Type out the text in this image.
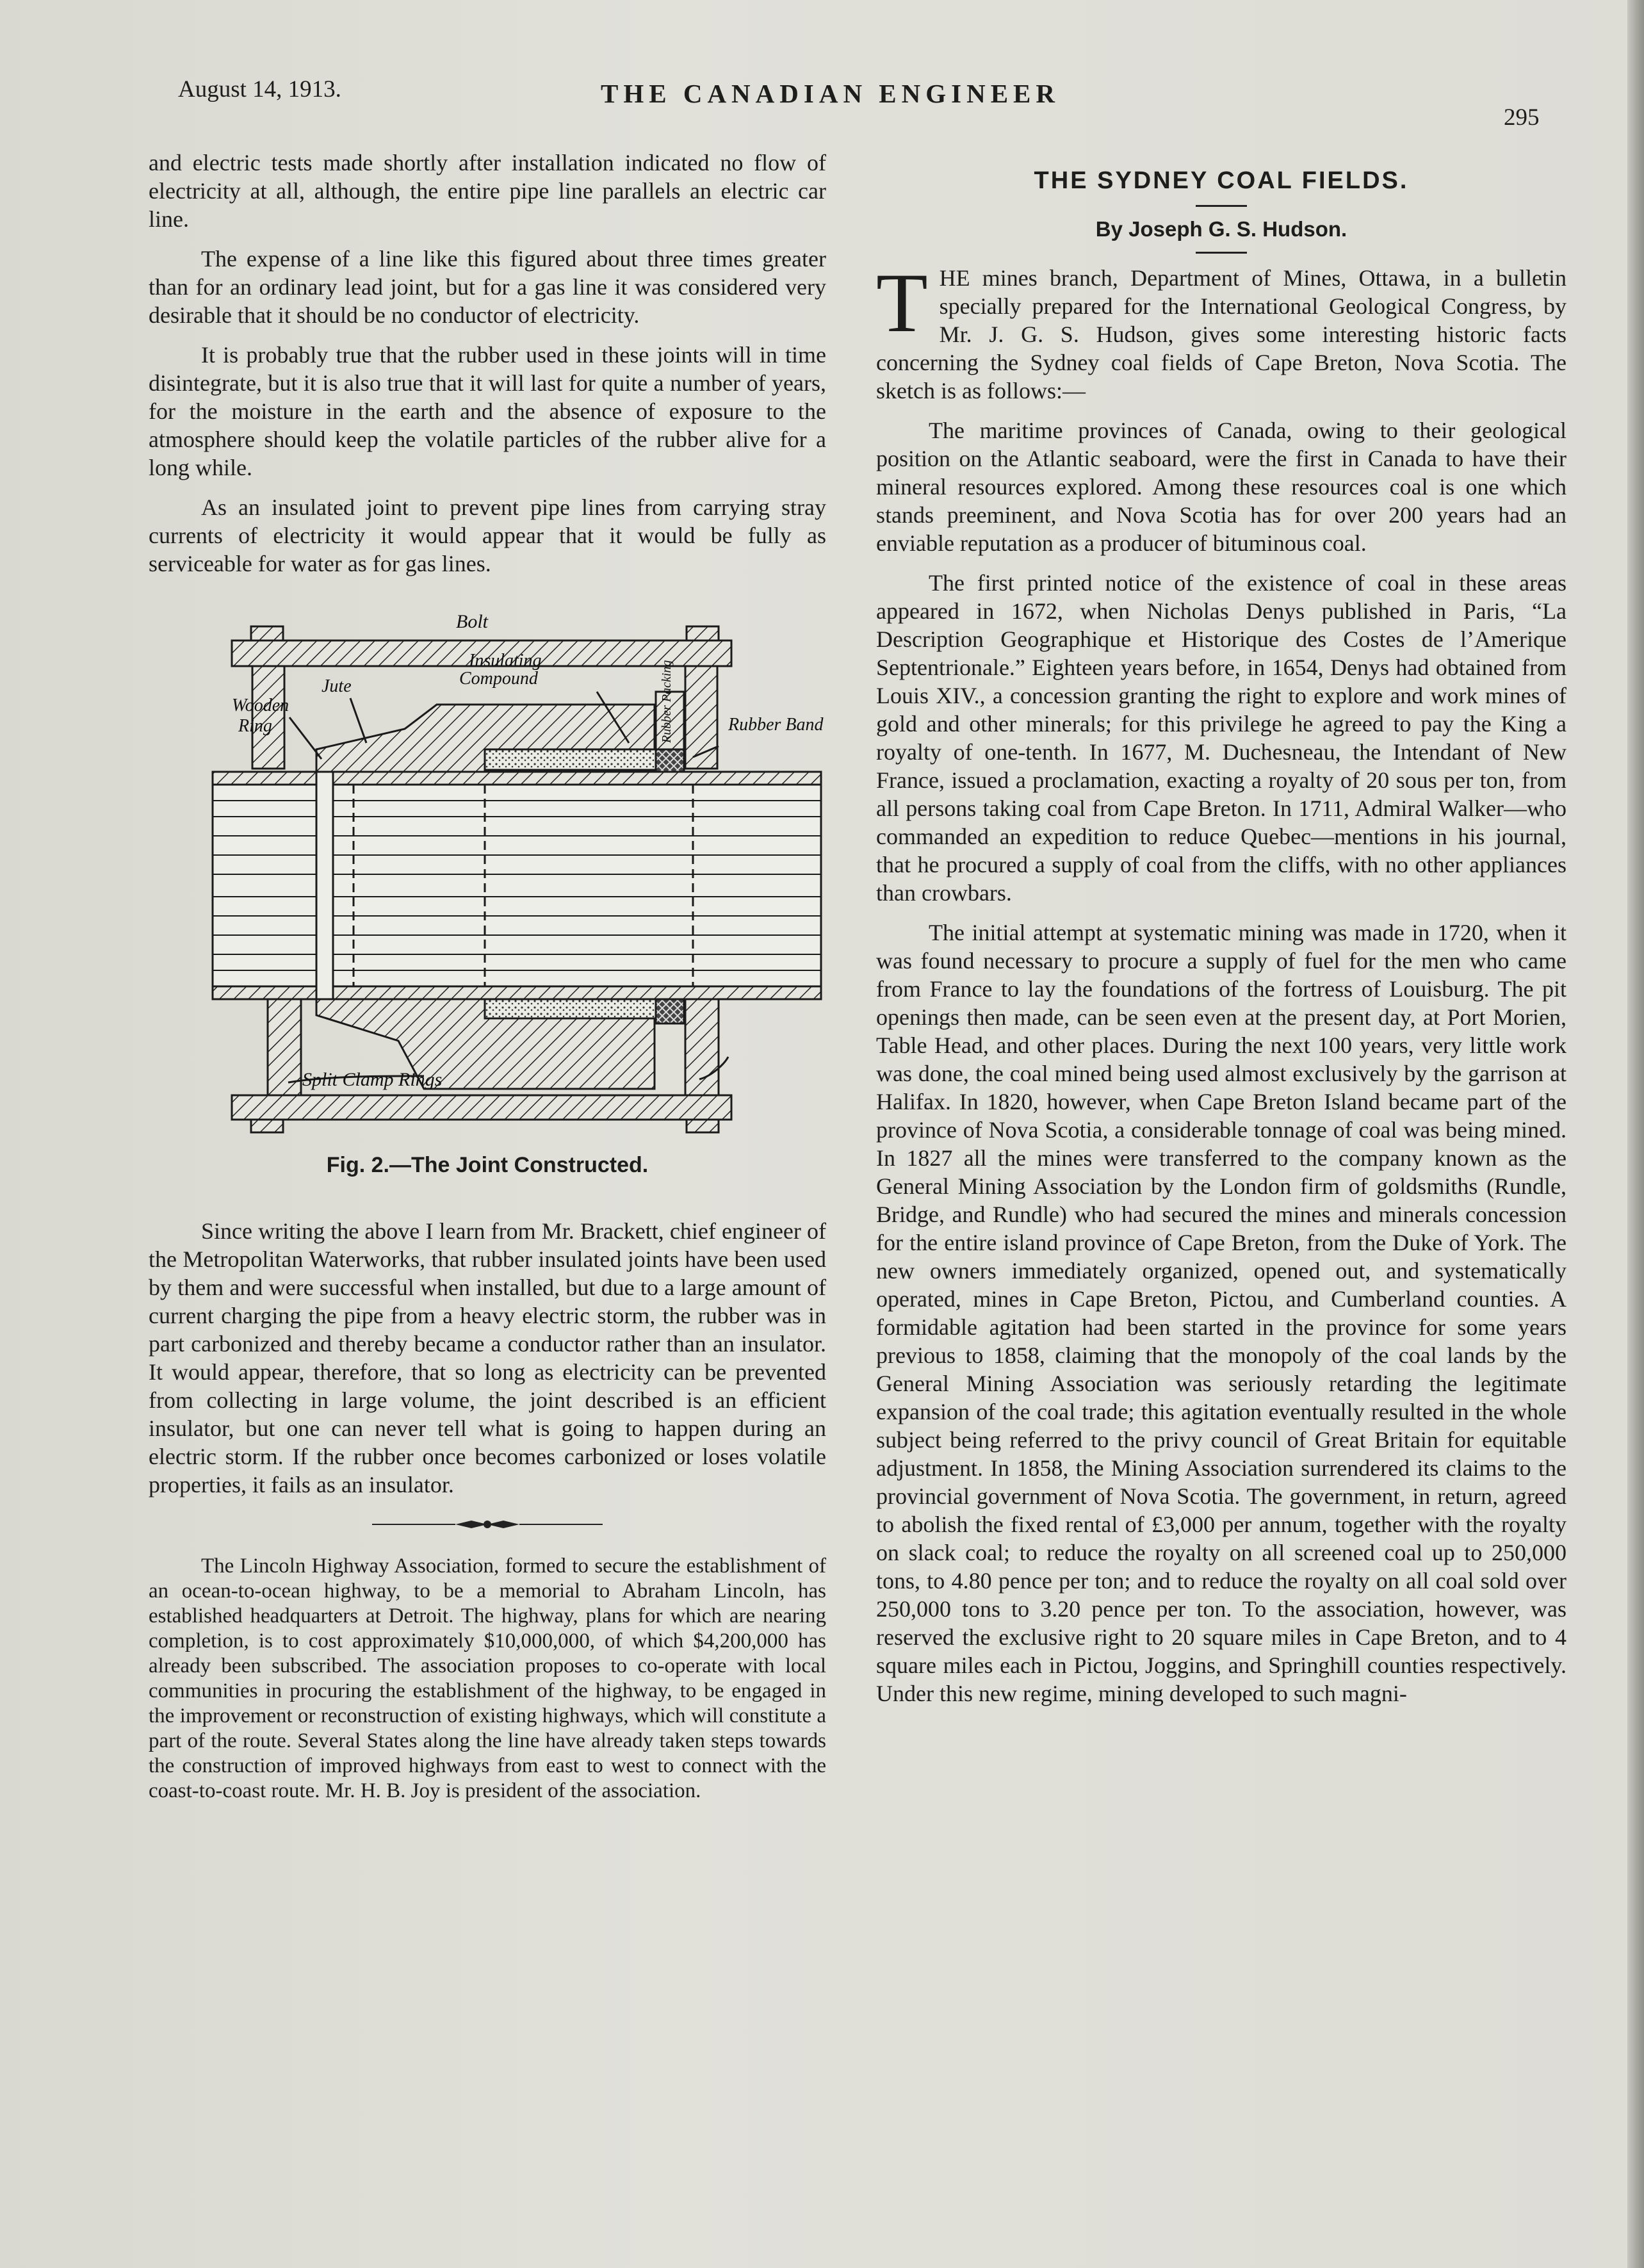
August 14, 1913.	THE CANADIAN ENGINEER
295

and electric tests made shortly after installation indicated no flow of electricity at all, although, the entire pipe line parallels an electric car line.

The expense of a line like this figured about three times greater than for an ordinary lead joint, but for a gas line it was considered very desirable that it should be no conductor of electricity.

It is probably true that the rubber used in these joints will in time disintegrate, but it is also true that it will last for quite a number of years, for the moisture in the earth and the absence of exposure to the atmosphere should keep the volatile particles of the rubber alive for a long while.

As an insulated joint to prevent pipe lines from carrying stray currents of electricity it would appear that it would be fully as serviceable for water as for gas lines.

Bolt
Jute
Insulating
Compound
Wooden
Ring	Rubber Packing	Rubber Band
Split Clamp Rings
Fig. 2.—The Joint Constructed.

Since writing the above I learn from Mr. Brackett, chief engineer of the Metropolitan Waterworks, that rubber insulated joints have been used by them and were successful when installed, but due to a large amount of current charging the pipe from a heavy electric storm, the rubber was in part carbonized and thereby became a conductor rather than an insulator. It would appear, therefore, that so long as electricity can be prevented from collecting in large volume, the joint described is an efficient insulator, but one can never tell what is going to happen during an electric storm. If the rubber once becomes carbonized or loses volatile properties, it fails as an insulator.

The Lincoln Highway Association, formed to secure the establishment of an ocean-to-ocean highway, to be a memorial to Abraham Lincoln, has established headquarters at Detroit. The highway, plans for which are nearing completion, is to cost approximately $10,000,000, of which $4,200,000 has already been subscribed. The association proposes to co-operate with local communities in procuring the establishment of the highway, to be engaged in the improvement or reconstruction of existing highways, which will constitute a part of the route. Several States along the line have already taken steps towards the construction of improved highways from east to west to connect with the coast-to-coast route. Mr. H. B. Joy is president of the association.

THE SYDNEY COAL FIELDS.
By Joseph G. S. Hudson.

THE mines branch, Department of Mines, Ottawa, in a bulletin specially prepared for the International Geological Congress, by Mr. J. G. S. Hudson, gives some interesting historic facts concerning the Sydney coal fields of Cape Breton, Nova Scotia. The sketch is as follows:—

The maritime provinces of Canada, owing to their geological position on the Atlantic seaboard, were the first in Canada to have their mineral resources explored. Among these resources coal is one which stands preeminent, and Nova Scotia has for over 200 years had an enviable reputation as a producer of bituminous coal.

The first printed notice of the existence of coal in these areas appeared in 1672, when Nicholas Denys published in Paris, “La Description Geographique et Historique des Costes de l’Amerique Septentrionale.” Eighteen years before, in 1654, Denys had obtained from Louis XIV., a concession granting the right to explore and work mines of gold and other minerals; for this privilege he agreed to pay the King a royalty of one-tenth. In 1677, M. Duchesneau, the Intendant of New France, issued a proclamation, exacting a royalty of 20 sous per ton, from all persons taking coal from Cape Breton. In 1711, Admiral Walker—who commanded an expedition to reduce Quebec—mentions in his journal, that he procured a supply of coal from the cliffs, with no other appliances than crowbars.

The initial attempt at systematic mining was made in 1720, when it was found necessary to procure a supply of fuel for the men who came from France to lay the foundations of the fortress of Louisburg. The pit openings then made, can be seen even at the present day, at Port Morien, Table Head, and other places. During the next 100 years, very little work was done, the coal mined being used almost exclusively by the garrison at Halifax. In 1820, however, when Cape Breton Island became part of the province of Nova Scotia, a considerable tonnage of coal was being mined. In 1827 all the mines were transferred to the company known as the General Mining Association by the London firm of goldsmiths (Rundle, Bridge, and Rundle) who had secured the mines and minerals concession for the entire island province of Cape Breton, from the Duke of York. The new owners immediately organized, opened out, and systematically operated, mines in Cape Breton, Pictou, and Cumberland counties. A formidable agitation had been started in the province for some years previous to 1858, claiming that the monopoly of the coal lands by the General Mining Association was seriously retarding the legitimate expansion of the coal trade; this agitation eventually resulted in the whole subject being referred to the privy council of Great Britain for equitable adjustment. In 1858, the Mining Association surrendered its claims to the provincial government of Nova Scotia. The government, in return, agreed to abolish the fixed rental of £3,000 per annum, together with the royalty on slack coal; to reduce the royalty on all screened coal up to 250,000 tons, to 4.80 pence per ton; and to reduce the royalty on all coal sold over 250,000 tons to 3.20 pence per ton. To the association, however, was reserved the exclusive right to 20 square miles in Cape Breton, and to 4 square miles each in Pictou, Joggins, and Springhill counties respectively. Under this new regime, mining developed to such magni-
